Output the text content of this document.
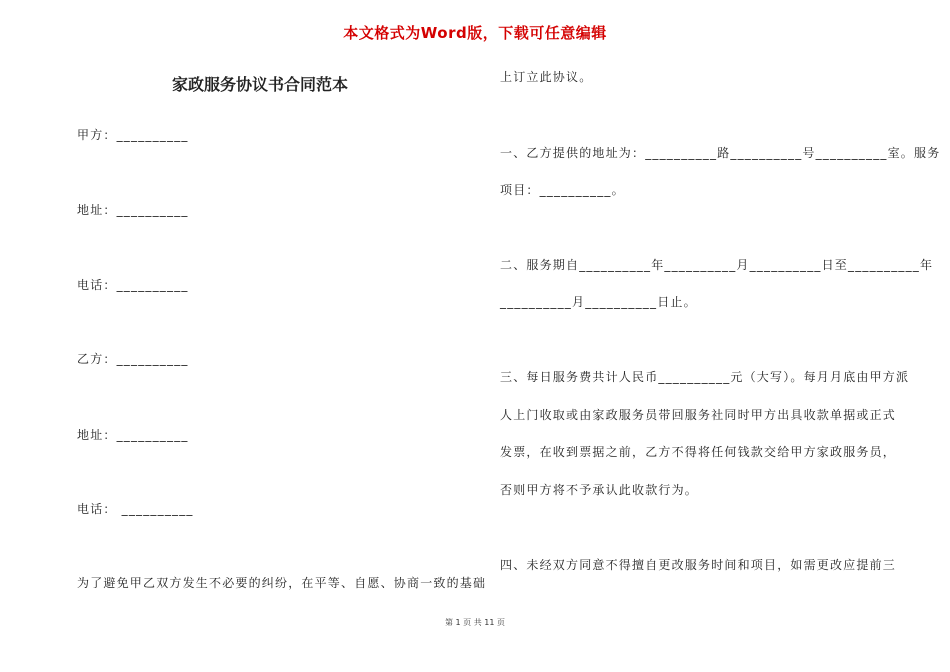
本文格式为Word版，下载可任意编辑
家政服务协议书合同范本
甲方：__________
地址：__________
电话：__________
乙方：__________
地址：__________
电话： __________
为了避免甲乙双方发生不必要的纠纷，在平等、自愿、协商一致的基础
上订立此协议。
一、乙方提供的地址为：__________路__________号__________室。服务
项目：__________。
二、服务期自__________年__________月__________日至__________年
__________月__________日止。
三、每日服务费共计人民币__________元（大写）。每月月底由甲方派
人上门收取或由家政服务员带回服务社同时甲方出具收款单据或正式
发票，在收到票据之前，乙方不得将任何钱款交给甲方家政服务员，
否则甲方将不予承认此收款行为。
四、未经双方同意不得擅自更改服务时间和项目，如需更改应提前三
第 1 页 共 11 页
